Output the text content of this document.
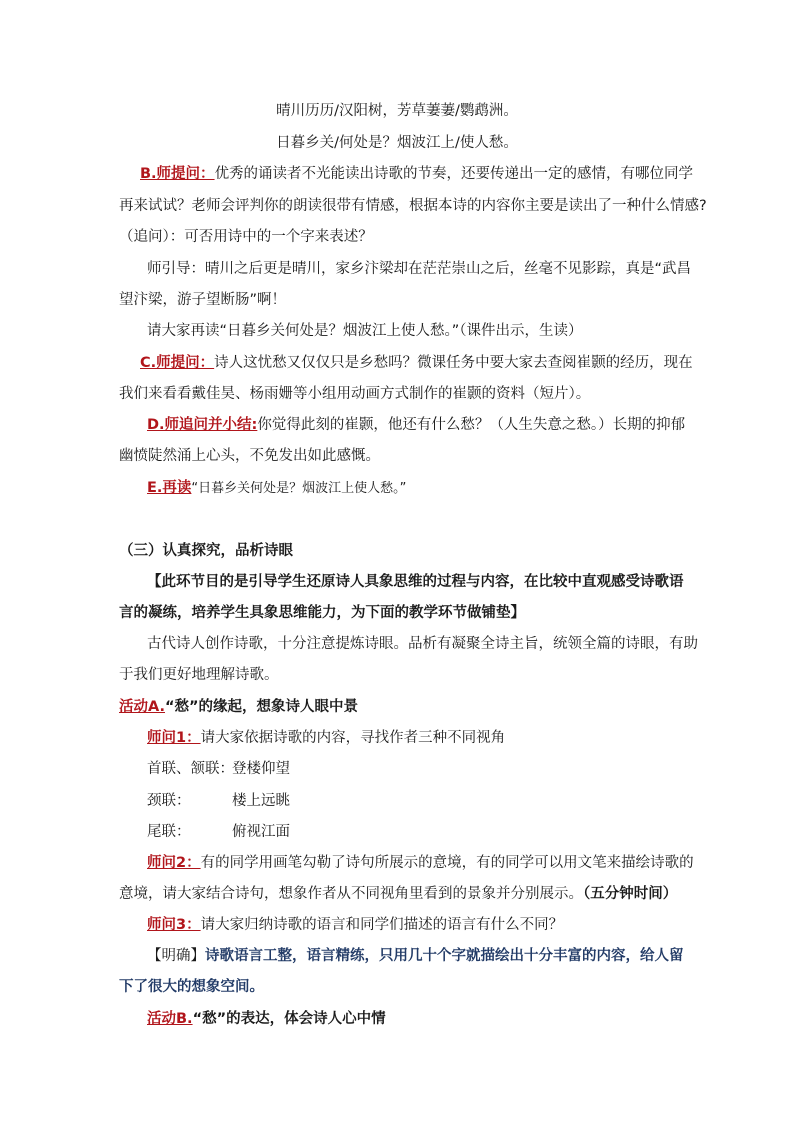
晴川历历/汉阳树，芳草萋萋/鹦鹉洲。
日暮乡关/何处是？烟波江上/使人愁。
B.师提问：优秀的诵读者不光能读出诗歌的节奏，还要传递出一定的感情，有哪位同学
再来试试？老师会评判你的朗读很带有情感，根据本诗的内容你主要是读出了一种什么情感?
（追问）：可否用诗中的一个字来表述？
师引导：晴川之后更是晴川，家乡汴梁却在茫茫崇山之后，丝毫不见影踪，真是“武昌
望汴梁，游子望断肠”啊！
请大家再读“日暮乡关何处是？烟波江上使人愁。”（课件出示，生读）
C.师提问：诗人这忧愁又仅仅只是乡愁吗？微课任务中要大家去查阅崔颢的经历，现在
我们来看看戴佳昊、杨雨姗等小组用动画方式制作的崔颢的资料（短片）。
D.师追问并小结:你觉得此刻的崔颢，他还有什么愁？（人生失意之愁。）长期的抑郁
幽愤陡然涌上心头，不免发出如此感慨。
E.再读“日暮乡关何处是？烟波江上使人愁。”
（三）认真探究，品析诗眼
【此环节目的是引导学生还原诗人具象思维的过程与内容，在比较中直观感受诗歌语
言的凝练，培养学生具象思维能力，为下面的教学环节做铺垫】
古代诗人创作诗歌，十分注意提炼诗眼。品析有凝聚全诗主旨，统领全篇的诗眼，有助
于我们更好地理解诗歌。
活动A.“愁”的缘起，想象诗人眼中景
师问1：请大家依据诗歌的内容，寻找作者三种不同视角
首联、颔联：
登楼仰望
颈联：	楼上远眺
尾联：	俯视江面
师问2：有的同学用画笔勾勒了诗句所展示的意境，有的同学可以用文笔来描绘诗歌的
意境，请大家结合诗句，想象作者从不同视角里看到的景象并分别展示。（五分钟时间）
师问3：请大家归纳诗歌的语言和同学们描述的语言有什么不同？
【明确】诗歌语言工整，语言精练，只用几十个字就描绘出十分丰富的内容，给人留
下了很大的想象空间。
活动B.“愁”的表达，体会诗人心中情
